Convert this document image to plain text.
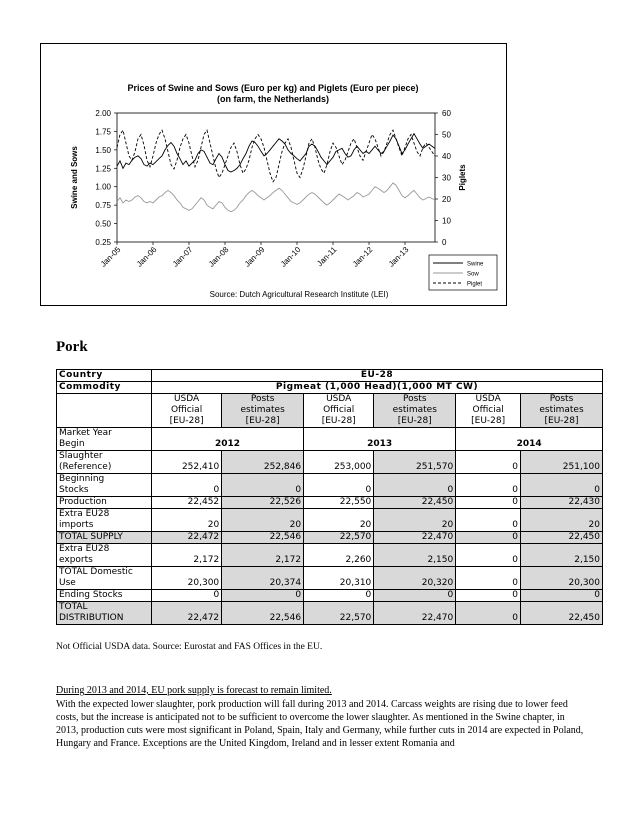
Prices of Swine and Sows (Euro per kg) and Piglets (Euro per piece)
(on farm, the Netherlands)
2.00
1.75
1.50
1.25
1.00
0.75
0.50
0.25
60
50
40
30
20
10
0
Swine and Sows	Piglets
Jan-05 Jan-06 Jan-07 Jan-08 Jan-09 Jan-10 Jan-11 Jan-12 Jan-13	Swine
Sow
Piglet
Source: Dutch Agricultural Research Institute (LEI)
Pork
Country	EU-28					
Commodity	Pigmeat (1,000 Head)(1,000 MT CW)					
	USDA
Official
[EU-28]	Posts
estimates
[EU-28]	USDA
Official
[EU-28]	Posts
estimates
[EU-28]	USDA
Official
[EU-28]	Posts
estimates
[EU-28]
Market Year
Begin	2012		2013		2014	
Slaughter
(Reference)	252,410	252,846	253,000	251,570	0	251,100
Beginning
Stocks	0	0	0	0	0	0
Production	22,452	22,526	22,550	22,450	0	22,430
Extra EU28
imports	20	20	20	20	0	20
TOTAL SUPPLY	22,472	22,546	22,570	22,470	0	22,450
Extra EU28
exports	2,172	2,172	2,260	2,150	0	2,150
TOTAL Domestic
Use	20,300	20,374	20,310	20,320	0	20,300
Ending Stocks	0	0	0	0	0	0
TOTAL
DISTRIBUTION	22,472	22,546	22,570	22,470	0	22,450

Not Official USDA data. Source: Eurostat and FAS Offices in the EU.

During 2013 and 2014, EU pork supply is forecast to remain limited.

With the expected lower slaughter, pork production will fall during 2013 and 2014. Carcass weights are rising due to lower feed costs, but the increase is anticipated not to be sufficient to overcome the lower slaughter. As mentioned in the Swine chapter, in 2013, production cuts were most significant in Poland, Spain, Italy and Germany, while further cuts in 2014 are expected in Poland, Hungary and France. Exceptions are the United Kingdom, Ireland and in lesser extent Romania and
